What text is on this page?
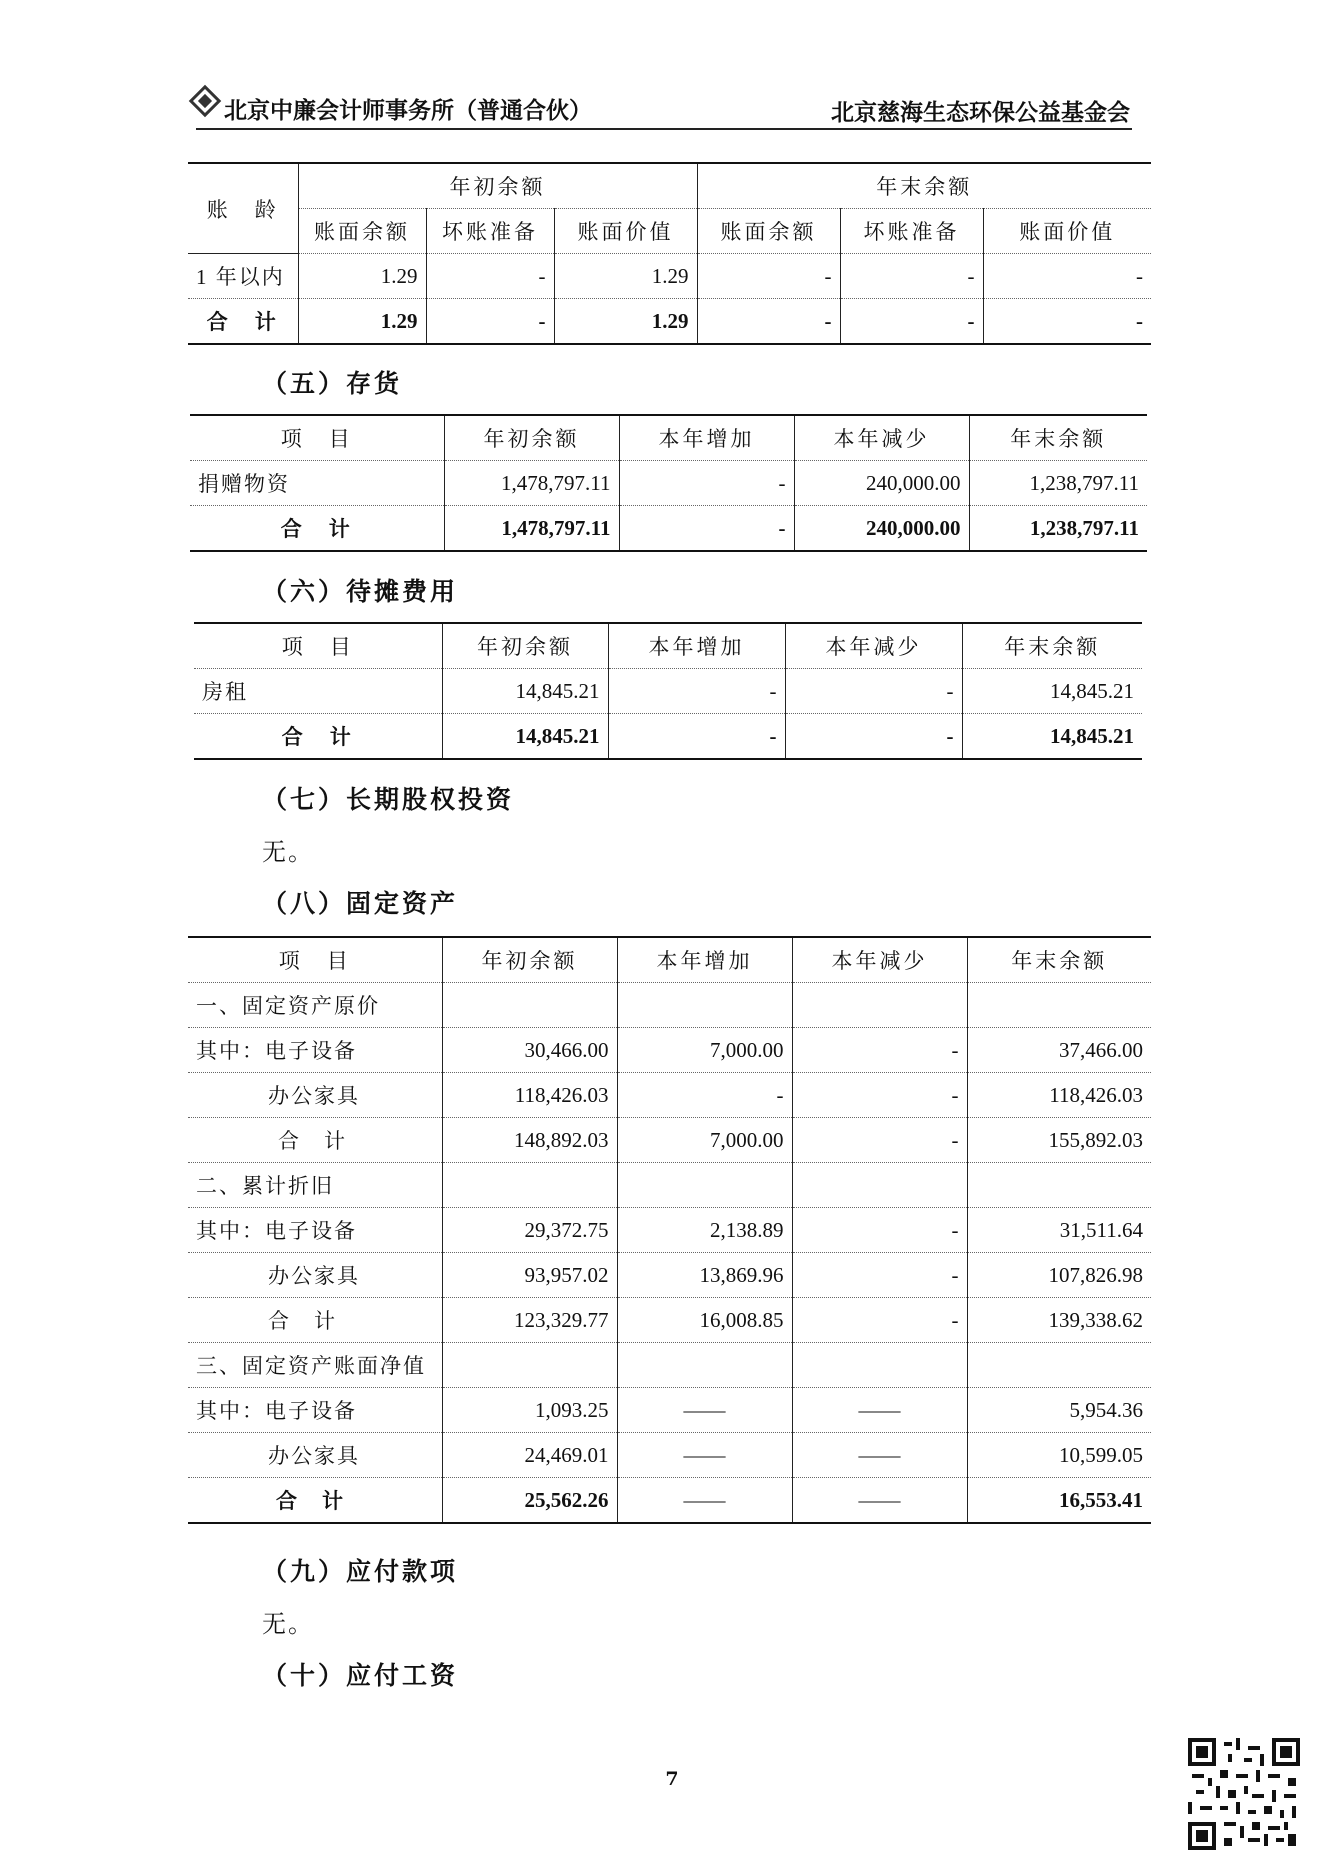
北京中廉会计师事务所（普通合伙）	北京慈海生态环保公益基金会
账　龄	年初余额			年末余额		
	账面余额	坏账准备	账面价值	账面余额	坏账准备	账面价值
1 年以内	1.29	-	1.29	-	-	-
合　计	1.29	-	1.29	-	-	-
（五）存货
项　目	年初余额	本年增加	本年减少	年末余额
捐赠物资	1,478,797.11	-	240,000.00	1,238,797.11
合　计	1,478,797.11	-	240,000.00	1,238,797.11
（六）待摊费用
项　目	年初余额	本年增加	本年减少	年末余额
房租	14,845.21	-	-	14,845.21
合　计	14,845.21	-	-	14,845.21
（七）长期股权投资
无。
（八）固定资产
项　目	年初余额	本年增加	本年减少	年末余额
一、固定资产原价				
其中：电子设备	30,466.00	7,000.00	-	37,466.00
办公家具	118,426.03	-	-	118,426.03
合　计	148,892.03	7,000.00	-	155,892.03
二、累计折旧				
其中：电子设备	29,372.75	2,138.89	-	31,511.64
办公家具	93,957.02	13,869.96	-	107,826.98
合　计	123,329.77	16,008.85	-	139,338.62
三、固定资产账面净值				
其中：电子设备	1,093.25	——	——	5,954.36
办公家具	24,469.01	——	——	10,599.05
合　计	25,562.26	——	——	16,553.41
（九）应付款项
无。
（十）应付工资
7
